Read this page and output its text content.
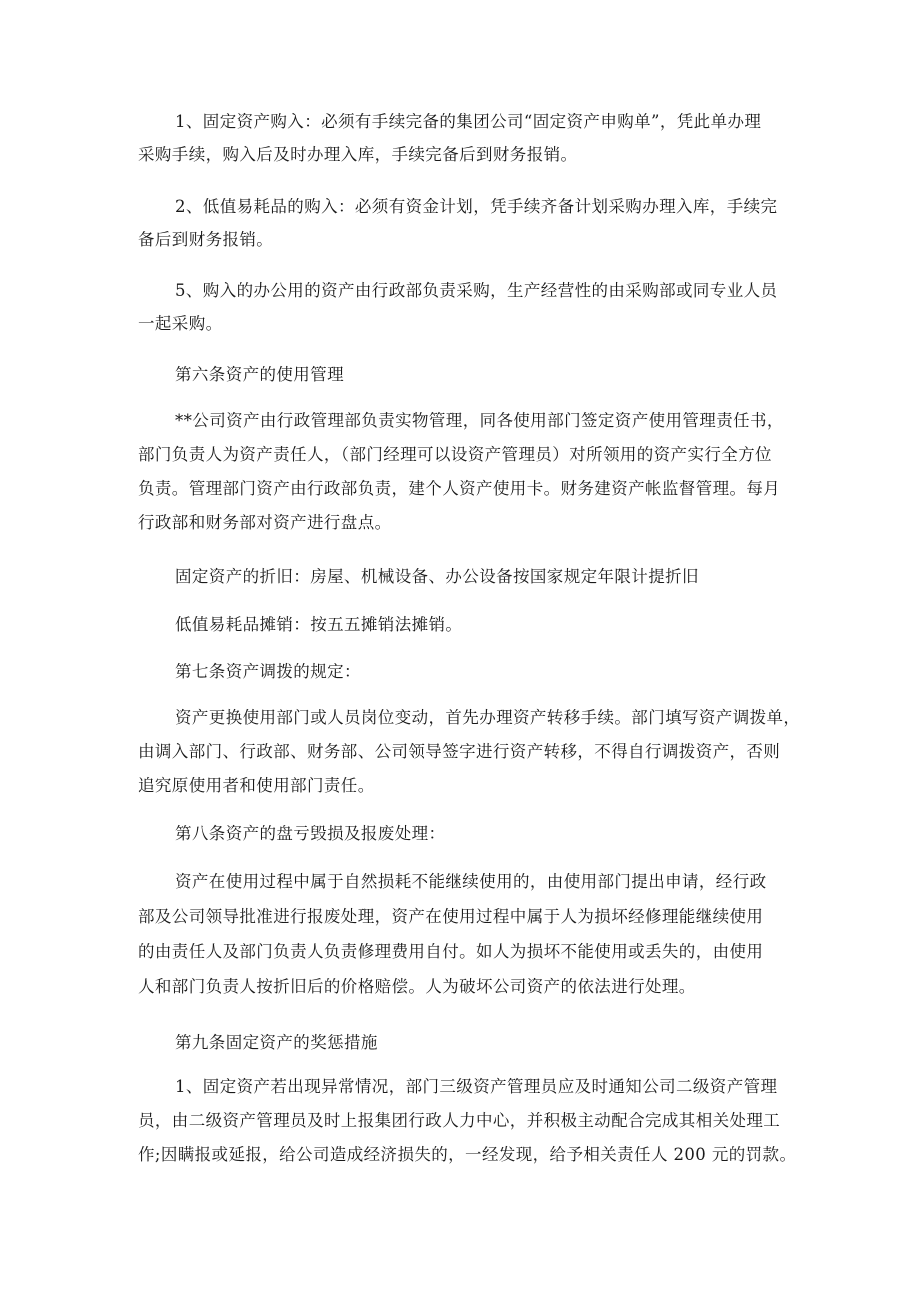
1、固定资产购入：必须有手续完备的集团公司“固定资产申购单”，凭此单办理
采购手续，购入后及时办理入库，手续完备后到财务报销。
2、低值易耗品的购入：必须有资金计划，凭手续齐备计划采购办理入库，手续完
备后到财务报销。
5、购入的办公用的资产由行政部负责采购，生产经营性的由采购部或同专业人员
一起采购。
第六条资产的使用管理
**公司资产由行政管理部负责实物管理，同各使用部门签定资产使用管理责任书，
部门负责人为资产责任人，（部门经理可以设资产管理员）对所领用的资产实行全方位
负责。管理部门资产由行政部负责，建个人资产使用卡。财务建资产帐监督管理。每月
行政部和财务部对资产进行盘点。
固定资产的折旧：房屋、机械设备、办公设备按国家规定年限计提折旧
低值易耗品摊销：按五五摊销法摊销。
第七条资产调拨的规定：
资产更换使用部门或人员岗位变动，首先办理资产转移手续。部门填写资产调拨单，
由调入部门、行政部、财务部、公司领导签字进行资产转移，不得自行调拨资产，否则
追究原使用者和使用部门责任。
第八条资产的盘亏毁损及报废处理：
资产在使用过程中属于自然损耗不能继续使用的，由使用部门提出申请，经行政
部及公司领导批准进行报废处理，资产在使用过程中属于人为损坏经修理能继续使用
的由责任人及部门负责人负责修理费用自付。如人为损坏不能使用或丢失的，由使用
人和部门负责人按折旧后的价格赔偿。人为破坏公司资产的依法进行处理。
第九条固定资产的奖惩措施
1、固定资产若出现异常情况，部门三级资产管理员应及时通知公司二级资产管理
员，由二级资产管理员及时上报集团行政人力中心，并积极主动配合完成其相关处理工
作;因瞒报或延报，给公司造成经济损失的，一经发现，给予相关责任人 200 元的罚款。
